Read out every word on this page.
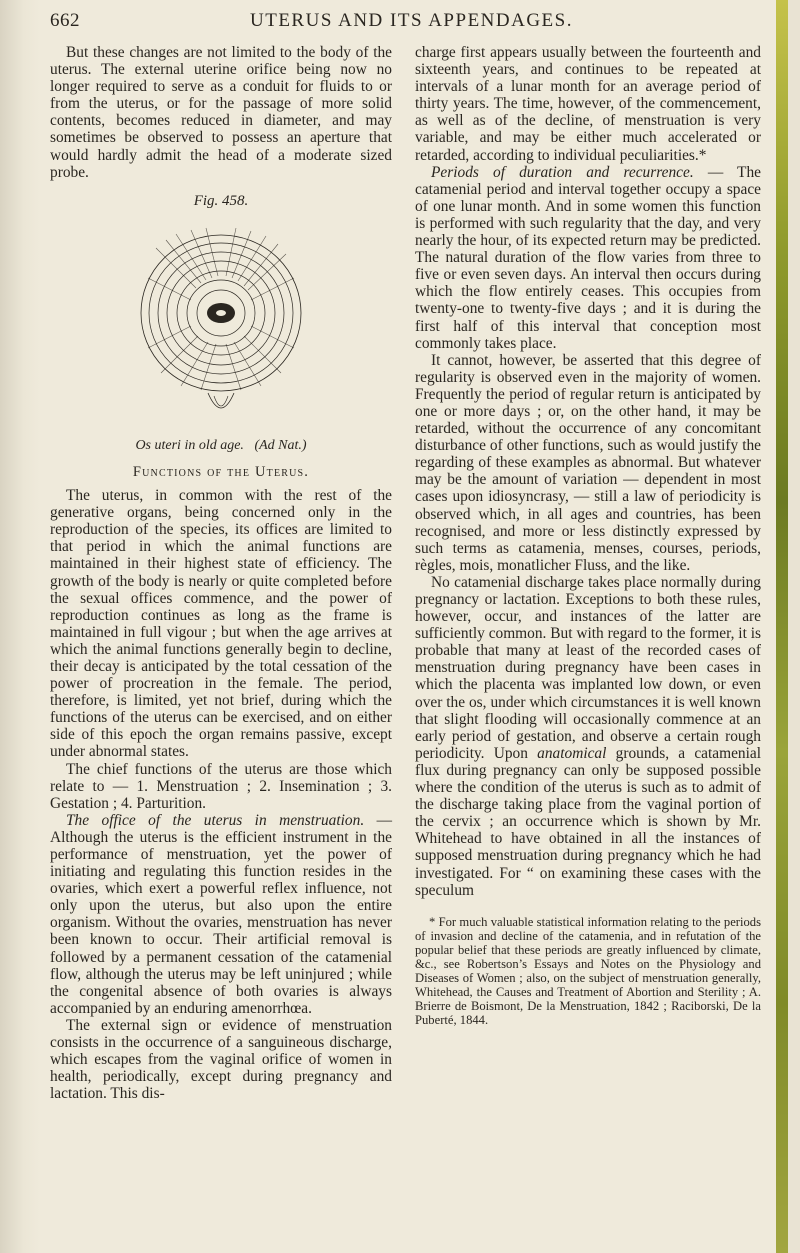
662	UTERUS AND ITS APPENDAGES.

But these changes are not limited to the body of the uterus. The external uterine orifice being now no longer required to serve as a conduit for fluids to or from the uterus, or for the passage of more solid contents, becomes reduced in diameter, and may sometimes be observed to possess an aperture that would hardly admit the head of a moderate sized probe.

Fig. 458.
Os uteri in old age. (Ad Nat.)
Functions of the Uterus.

The uterus, in common with the rest of the generative organs, being concerned only in the reproduction of the species, its offices are limited to that period in which the animal functions are maintained in their highest state of efficiency. The growth of the body is nearly or quite completed before the sexual offices commence, and the power of reproduction continues as long as the frame is maintained in full vigour ; but when the age arrives at which the animal functions generally begin to decline, their decay is anticipated by the total cessation of the power of procreation in the female. The period, therefore, is limited, yet not brief, during which the functions of the uterus can be exercised, and on either side of this epoch the organ remains passive, except under abnormal states.

The chief functions of the uterus are those which relate to — 1. Menstruation ; 2. Insemination ; 3. Gestation ; 4. Parturition.

The office of the uterus in menstruation. — Although the uterus is the efficient instrument in the performance of menstruation, yet the power of initiating and regulating this function resides in the ovaries, which exert a powerful reflex influence, not only upon the uterus, but also upon the entire organism. Without the ovaries, menstruation has never been known to occur. Their artificial removal is followed by a permanent cessation of the catamenial flow, although the uterus may be left uninjured ; while the congenital absence of both ovaries is always accompanied by an enduring amenorrhœa.

The external sign or evidence of menstruation consists in the occurrence of a sanguineous discharge, which escapes from the vaginal orifice of women in health, periodically, except during pregnancy and lactation. This dis-

charge first appears usually between the fourteenth and sixteenth years, and continues to be repeated at intervals of a lunar month for an average period of thirty years. The time, however, of the commencement, as well as of the decline, of menstruation is very variable, and may be either much accelerated or retarded, according to individual peculiarities.*

Periods of duration and recurrence. — The catamenial period and interval together occupy a space of one lunar month. And in some women this function is performed with such regularity that the day, and very nearly the hour, of its expected return may be predicted. The natural duration of the flow varies from three to five or even seven days. An interval then occurs during which the flow entirely ceases. This occupies from twenty-one to twenty-five days ; and it is during the first half of this interval that conception most commonly takes place.

It cannot, however, be asserted that this degree of regularity is observed even in the majority of women. Frequently the period of regular return is anticipated by one or more days ; or, on the other hand, it may be retarded, without the occurrence of any concomitant disturbance of other functions, such as would justify the regarding of these examples as abnormal. But whatever may be the amount of variation — dependent in most cases upon idiosyncrasy, — still a law of periodicity is observed which, in all ages and countries, has been recognised, and more or less distinctly expressed by such terms as catamenia, menses, courses, periods, règles, mois, monatlicher Fluss, and the like.

No catamenial discharge takes place normally during pregnancy or lactation. Exceptions to both these rules, however, occur, and instances of the latter are sufficiently common. But with regard to the former, it is probable that many at least of the recorded cases of menstruation during pregnancy have been cases in which the placenta was implanted low down, or even over the os, under which circumstances it is well known that slight flooding will occasionally commence at an early period of gestation, and observe a certain rough periodicity. Upon anatomical grounds, a catamenial flux during pregnancy can only be supposed possible where the condition of the uterus is such as to admit of the discharge taking place from the vaginal portion of the cervix ; an occurrence which is shown by Mr. Whitehead to have obtained in all the instances of supposed menstruation during pregnancy which he had investigated. For “ on examining these cases with the speculum

* For much valuable statistical information relating to the periods of invasion and decline of the catamenia, and in refutation of the popular belief that these periods are greatly influenced by climate, &c., see Robertson’s Essays and Notes on the Physiology and Diseases of Women ; also, on the subject of menstruation generally, Whitehead, the Causes and Treatment of Abortion and Sterility ; A. Brierre de Boismont, De la Menstruation, 1842 ; Raciborski, De la Puberté, 1844.
